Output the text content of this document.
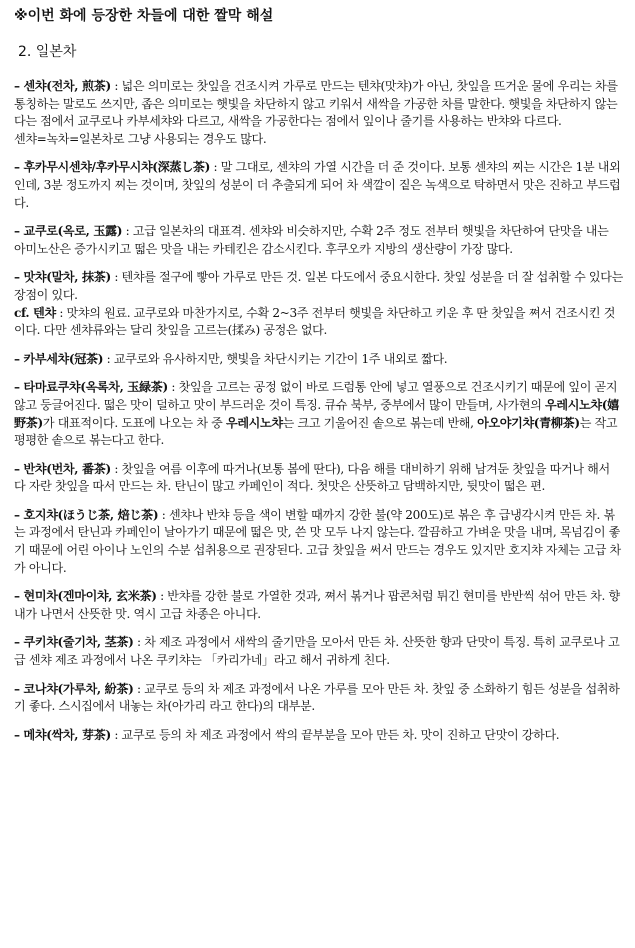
※이번 화에 등장한 차들에 대한 짤막 해설
2. 일본차

– 센챠(전차, 煎茶) : 넓은 의미로는 찻잎을 건조시켜 가루로 만드는 텐챠(맛챠)가 아닌, 찻잎을 뜨거운 물에 우리는 차를 통칭하는 말로도 쓰지만, 좁은 의미로는 햇빛을 차단하지 않고 키워서 새싹을 가공한 차를 말한다. 햇빛을 차단하지 않는다는 점에서 교쿠로나 카부세챠와 다르고, 새싹을 가공한다는 점에서 잎이나 줄기를 사용하는 반챠와 다르다.

센챠=녹차=일본차로 그냥 사용되는 경우도 많다.

– 후카무시센챠/후카무시챠(深蒸し茶) : 말 그대로, 센챠의 가열 시간을 더 준 것이다. 보통 센챠의 찌는 시간은 1분 내외인데, 3분 정도까지 찌는 것이며, 찻잎의 성분이 더 추출되게 되어 차 색깔이 짙은 녹색으로 탁하면서 맛은 진하고 부드럽다.

– 교쿠로(옥로, 玉露) : 고급 일본차의 대표격. 센챠와 비슷하지만, 수확 2주 정도 전부터 햇빛을 차단하여 단맛을 내는 아미노산은 증가시키고 떫은 맛을 내는 카테킨은 감소시킨다. 후쿠오카 지방의 생산량이 가장 많다.

– 맛챠(말차, 抹茶) : 텐챠를 절구에 빻아 가루로 만든 것. 일본 다도에서 중요시한다. 찻잎 성분을 더 잘 섭취할 수 있다는 장점이 있다.

cf. 텐챠 : 맛챠의 원료. 교쿠로와 마찬가지로, 수확 2~3주 전부터 햇빛을 차단하고 키운 후 딴 찻잎을 쪄서 건조시킨 것이다. 다만 센챠류와는 달리 찻잎을 고르는(揉み) 공정은 없다.

– 카부세챠(冠茶) : 교쿠로와 유사하지만, 햇빛을 차단시키는 기간이 1주 내외로 짧다.

– 타마료쿠챠(옥록차, 玉緑茶) : 찻잎을 고르는 공정 없이 바로 드럼통 안에 넣고 열풍으로 건조시키기 때문에 잎이 곧지 않고 둥글어진다. 떫은 맛이 덜하고 맛이 부드러운 것이 특징. 큐슈 북부, 중부에서 많이 만들며, 사가현의 우레시노챠(嬉野茶)가 대표적이다. 도표에 나오는 차 중 우레시노챠는 크고 기울어진 솥으로 볶는데 반해, 아오야기챠(青柳茶)는 작고 평평한 솥으로 볶는다고 한다.

– 반챠(번차, 番茶) : 찻잎을 여름 이후에 따거나(보통 봄에 딴다), 다음 해를 대비하기 위해 남겨둔 찻잎을 따거나 해서 다 자란 찻잎을 따서 만드는 차. 탄닌이 많고 카페인이 적다. 첫맛은 산뜻하고 담백하지만, 뒷맛이 떫은 편.

– 호지챠(ほうじ茶, 焙じ茶) : 센챠나 반챠 등을 색이 변할 때까지 강한 불(약 200도)로 볶은 후 급냉각시켜 만든 차. 볶는 과정에서 탄닌과 카페인이 날아가기 때문에 떫은 맛, 쓴 맛 모두 나지 않는다. 깔끔하고 가벼운 맛을 내며, 목넘김이 좋기 때문에 어린 아이나 노인의 수분 섭취용으로 권장된다. 고급 찻잎을 써서 만드는 경우도 있지만 호지챠 자체는 고급 차가 아니다.

– 현미차(겐마이챠, 玄米茶) : 반챠를 강한 불로 가열한 것과, 쪄서 볶거나 팝콘처럼 튀긴 현미를 반반씩 섞어 만든 차. 향내가 나면서 산뜻한 맛. 역시 고급 차종은 아니다.

– 쿠키챠(줄기차, 茎茶) : 차 제조 과정에서 새싹의 줄기만을 모아서 만든 차. 산뜻한 향과 단맛이 특징. 특히 교쿠로나 고급 센챠 제조 과정에서 나온 쿠키챠는 「카리가네」라고 해서 귀하게 친다.

– 코나챠(가루차, 紛茶) : 교쿠로 등의 차 제조 과정에서 나온 가루를 모아 만든 차. 찻잎 중 소화하기 힘든 성분을 섭취하기 좋다. 스시집에서 내놓는 차(아가리 라고 한다)의 대부분.

– 메챠(싹차, 芽茶) : 교쿠로 등의 차 제조 과정에서 싹의 끝부분을 모아 만든 차. 맛이 진하고 단맛이 강하다.
